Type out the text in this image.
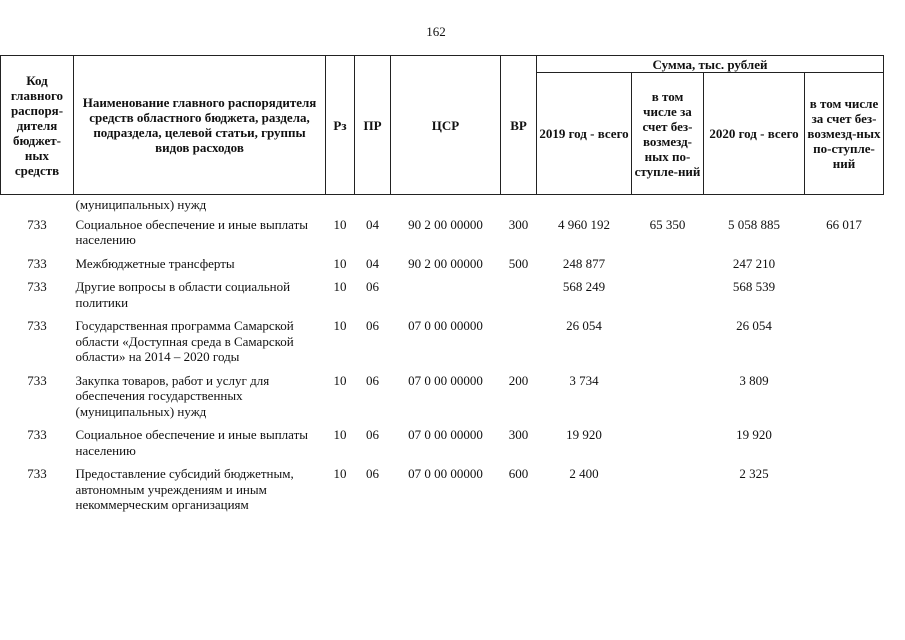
162
Код главного распоря-дителя бюджет-ных средств	Наименование главного распорядителя средств областного бюджета, раздела, подраздела, целевой статьи, группы видов расходов	Рз	ПР	ЦСР	ВР	Сумма, тыс. рублей			
						2019 год - всего	в том числе за счет без-возмезд-ных по-ступле-ний	2020 год - всего	в том числе за счет без-возмезд-ных по-ступле-ний
	(муниципальных) нужд								
733	Социальное обеспечение и иные выплаты населению	10	04	90 2 00 00000	300	4 960 192	65 350	5 058 885	66 017
733	Межбюджетные трансферты	10	04	90 2 00 00000	500	248 877		247 210	
733	Другие вопросы в области социальной политики	10	06			568 249		568 539	
733	Государственная программа Самарской области «Доступная среда в Самарской области» на 2014 – 2020 годы	10	06	07 0 00 00000		26 054		26 054	
733	Закупка товаров, работ и услуг для обеспечения государственных (муниципальных) нужд	10	06	07 0 00 00000	200	3 734		3 809	
733	Социальное обеспечение и иные выплаты населению	10	06	07 0 00 00000	300	19 920		19 920	
733	Предоставление субсидий бюджетным, автономным учреждениям и иным некоммерческим организациям	10	06	07 0 00 00000	600	2 400		2 325	
